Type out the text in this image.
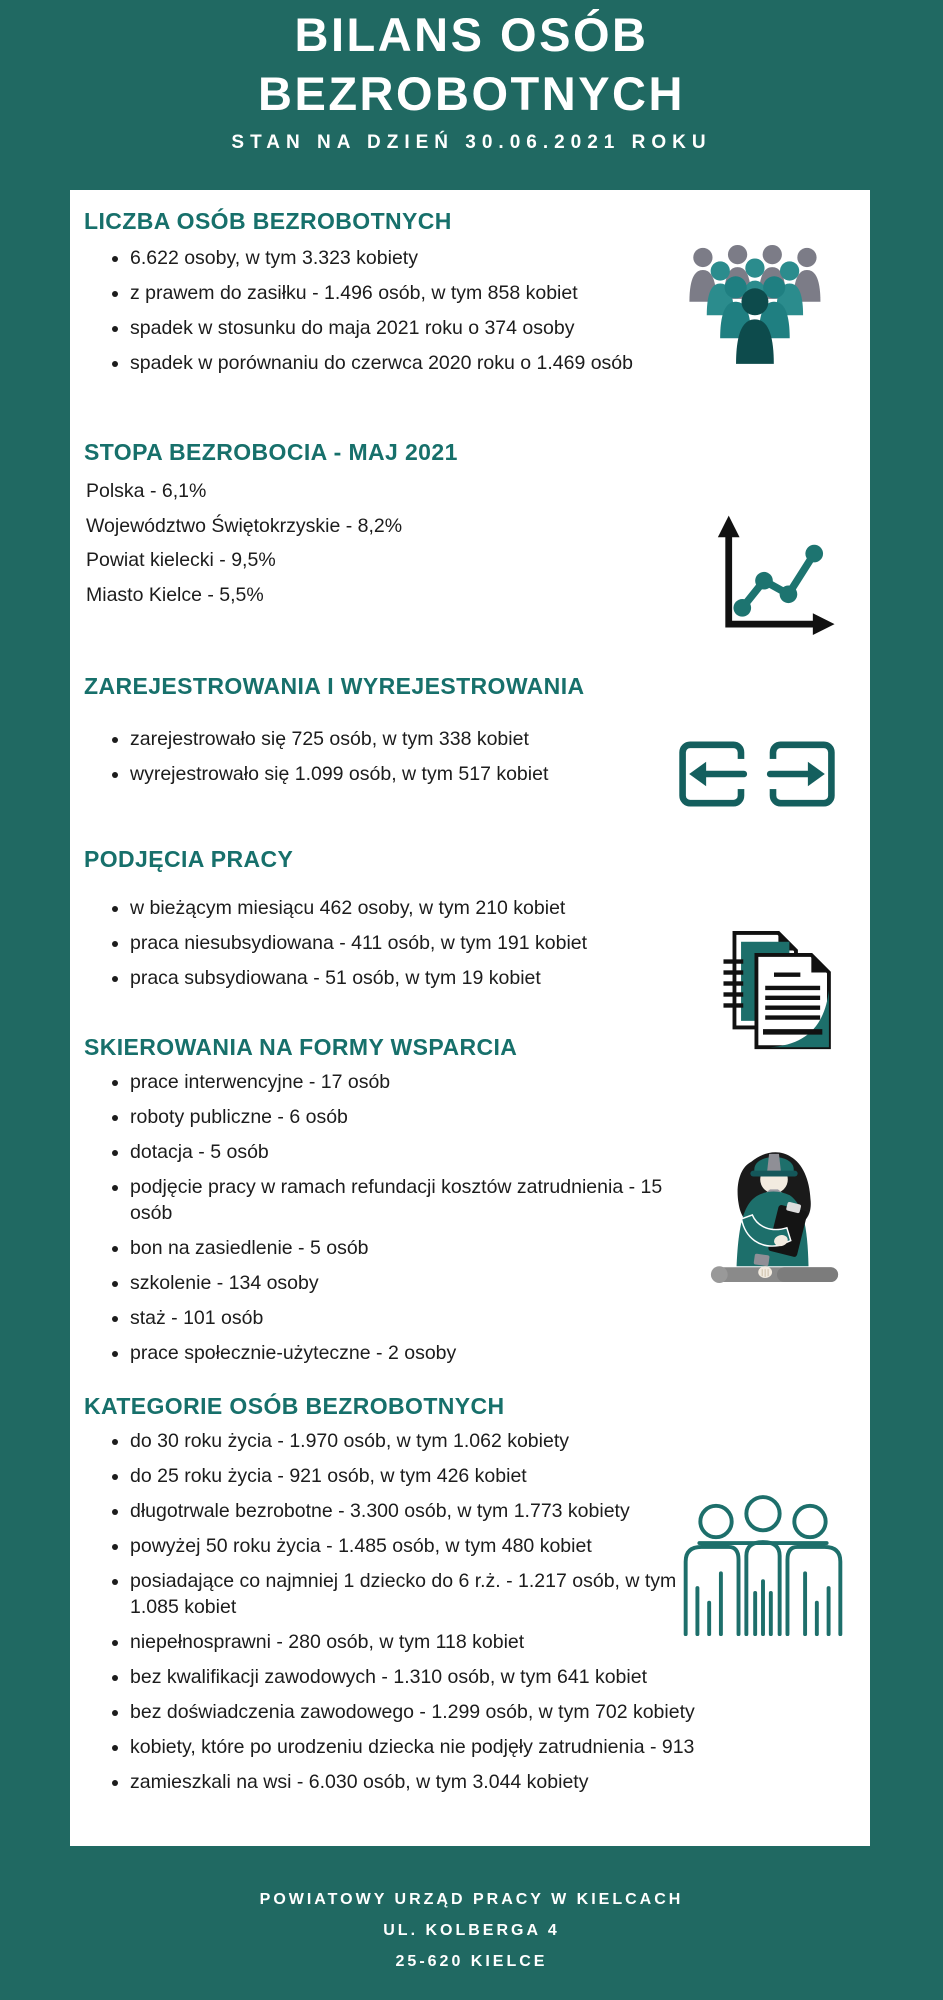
BILANS OSÓB
BEZROBOTNYCH
STAN NA DZIEŃ 30.06.2021 ROKU
LICZBA OSÓB BEZROBOTNYCH
• 6.622 osoby, w tym 3.323 kobiety
• z prawem do zasiłku - 1.496 osób, w tym 858 kobiet
• spadek w stosunku do maja 2021 roku o 374 osoby
• spadek w porównaniu do czerwca 2020 roku o 1.469 osób
STOPA BEZROBOCIA - MAJ 2021
Polska - 6,1%
Województwo Świętokrzyskie - 8,2%
Powiat kielecki - 9,5%
Miasto Kielce - 5,5%
ZAREJESTROWANIA I WYREJESTROWANIA
• zarejestrowało się 725 osób, w tym 338 kobiet
• wyrejestrowało się 1.099 osób, w tym 517 kobiet
PODJĘCIA PRACY
• w bieżącym miesiącu 462 osoby, w tym 210 kobiet
• praca niesubsydiowana - 411 osób, w tym 191 kobiet
• praca subsydiowana - 51 osób, w tym 19 kobiet
SKIEROWANIA NA FORMY WSPARCIA
• prace interwencyjne - 17 osób
• roboty publiczne - 6 osób
• dotacja - 5 osób
• podjęcie pracy w ramach refundacji kosztów zatrudnienia - 15 osób
• bon na zasiedlenie - 5 osób
• szkolenie - 134 osoby
• staż - 101 osób
• prace społecznie-użyteczne - 2 osoby
KATEGORIE OSÓB BEZROBOTNYCH
• do 30 roku życia - 1.970 osób, w tym 1.062 kobiety
• do 25 roku życia - 921 osób, w tym 426 kobiet
• długotrwale bezrobotne - 3.300 osób, w tym 1.773 kobiety
• powyżej 50 roku życia - 1.485 osób, w tym 480 kobiet
• posiadające co najmniej 1 dziecko do 6 r.ż. - 1.217 osób, w tym 1.085 kobiet
• niepełnosprawni - 280 osób, w tym 118 kobiet
• bez kwalifikacji zawodowych - 1.310 osób, w tym 641 kobiet
• bez doświadczenia zawodowego - 1.299 osób, w tym 702 kobiety
• kobiety, które po urodzeniu dziecka nie podjęły zatrudnienia - 913
• zamieszkali na wsi - 6.030 osób, w tym 3.044 kobiety
POWIATOWY URZĄD PRACY W KIELCACH
UL. KOLBERGA 4
25-620 KIELCE
